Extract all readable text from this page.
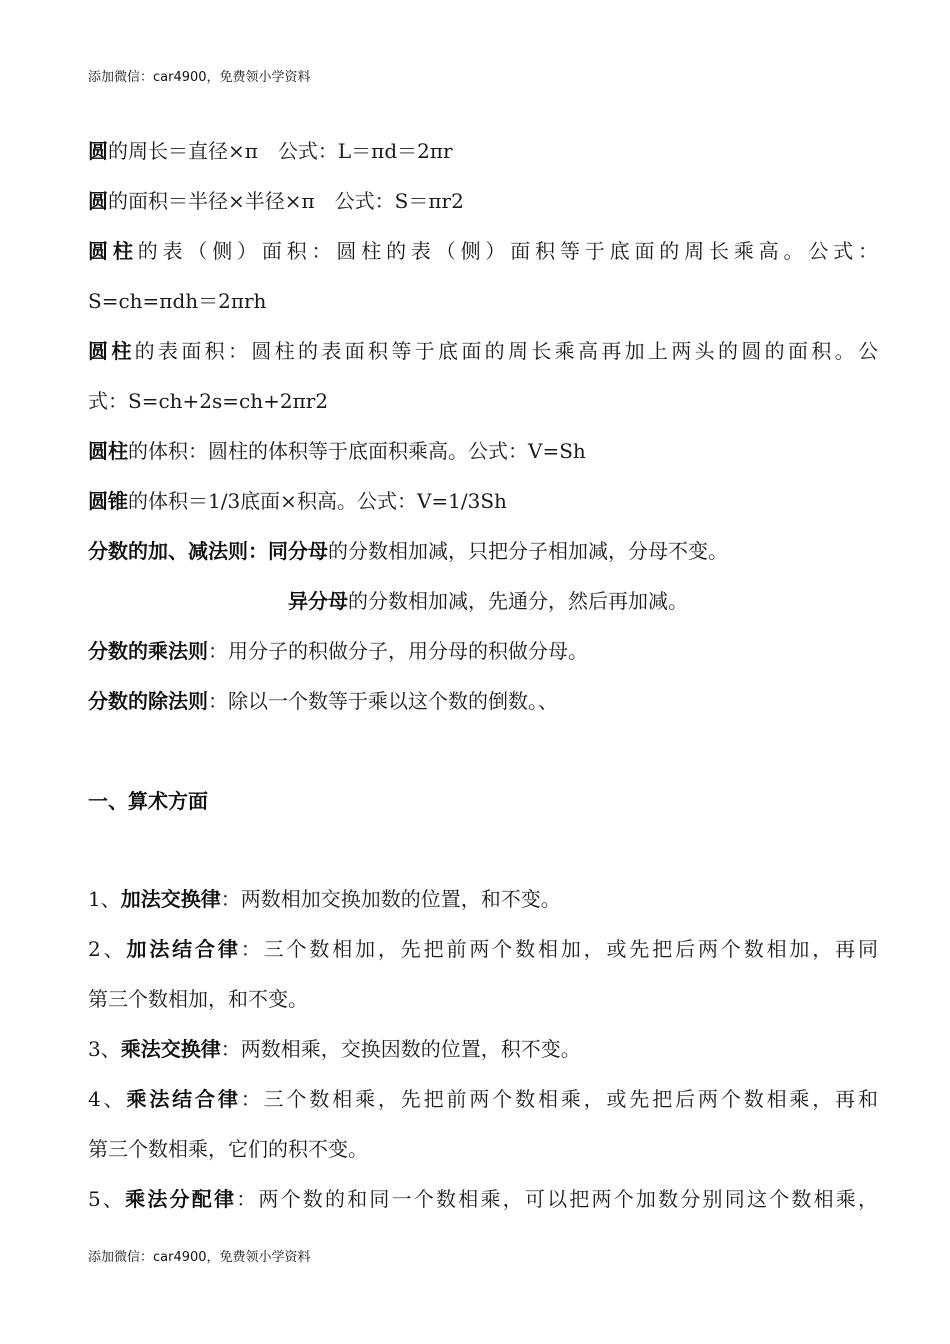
添加微信：car4900，免费领小学资料
圆的周长＝直径×π　公式：L＝πd＝2πr
圆的面积＝半径×半径×π　公式：S＝πr2
圆柱的表（侧）面积：圆柱的表（侧）面积等于底面的周长乘高。公式：
S=ch=πdh＝2πrh
圆柱的表面积：圆柱的表面积等于底面的周长乘高再加上两头的圆的面积。公
式：S=ch+2s=ch+2πr2
圆柱的体积：圆柱的体积等于底面积乘高。公式：V=Sh
圆锥的体积＝1/3底面×积高。公式：V=1/3Sh
分数的加、减法则：同分母的分数相加减，只把分子相加减，分母不变。
异分母的分数相加减，先通分，然后再加减。
分数的乘法则：用分子的积做分子，用分母的积做分母。
分数的除法则：除以一个数等于乘以这个数的倒数。、
一、算术方面
1、加法交换律：两数相加交换加数的位置，和不变。
2、加法结合律：三个数相加，先把前两个数相加，或先把后两个数相加，再同
第三个数相加，和不变。
3、乘法交换律：两数相乘，交换因数的位置，积不变。
4、乘法结合律：三个数相乘，先把前两个数相乘，或先把后两个数相乘，再和
第三个数相乘，它们的积不变。
5、乘法分配律：两个数的和同一个数相乘，可以把两个加数分别同这个数相乘，
添加微信：car4900，免费领小学资料
